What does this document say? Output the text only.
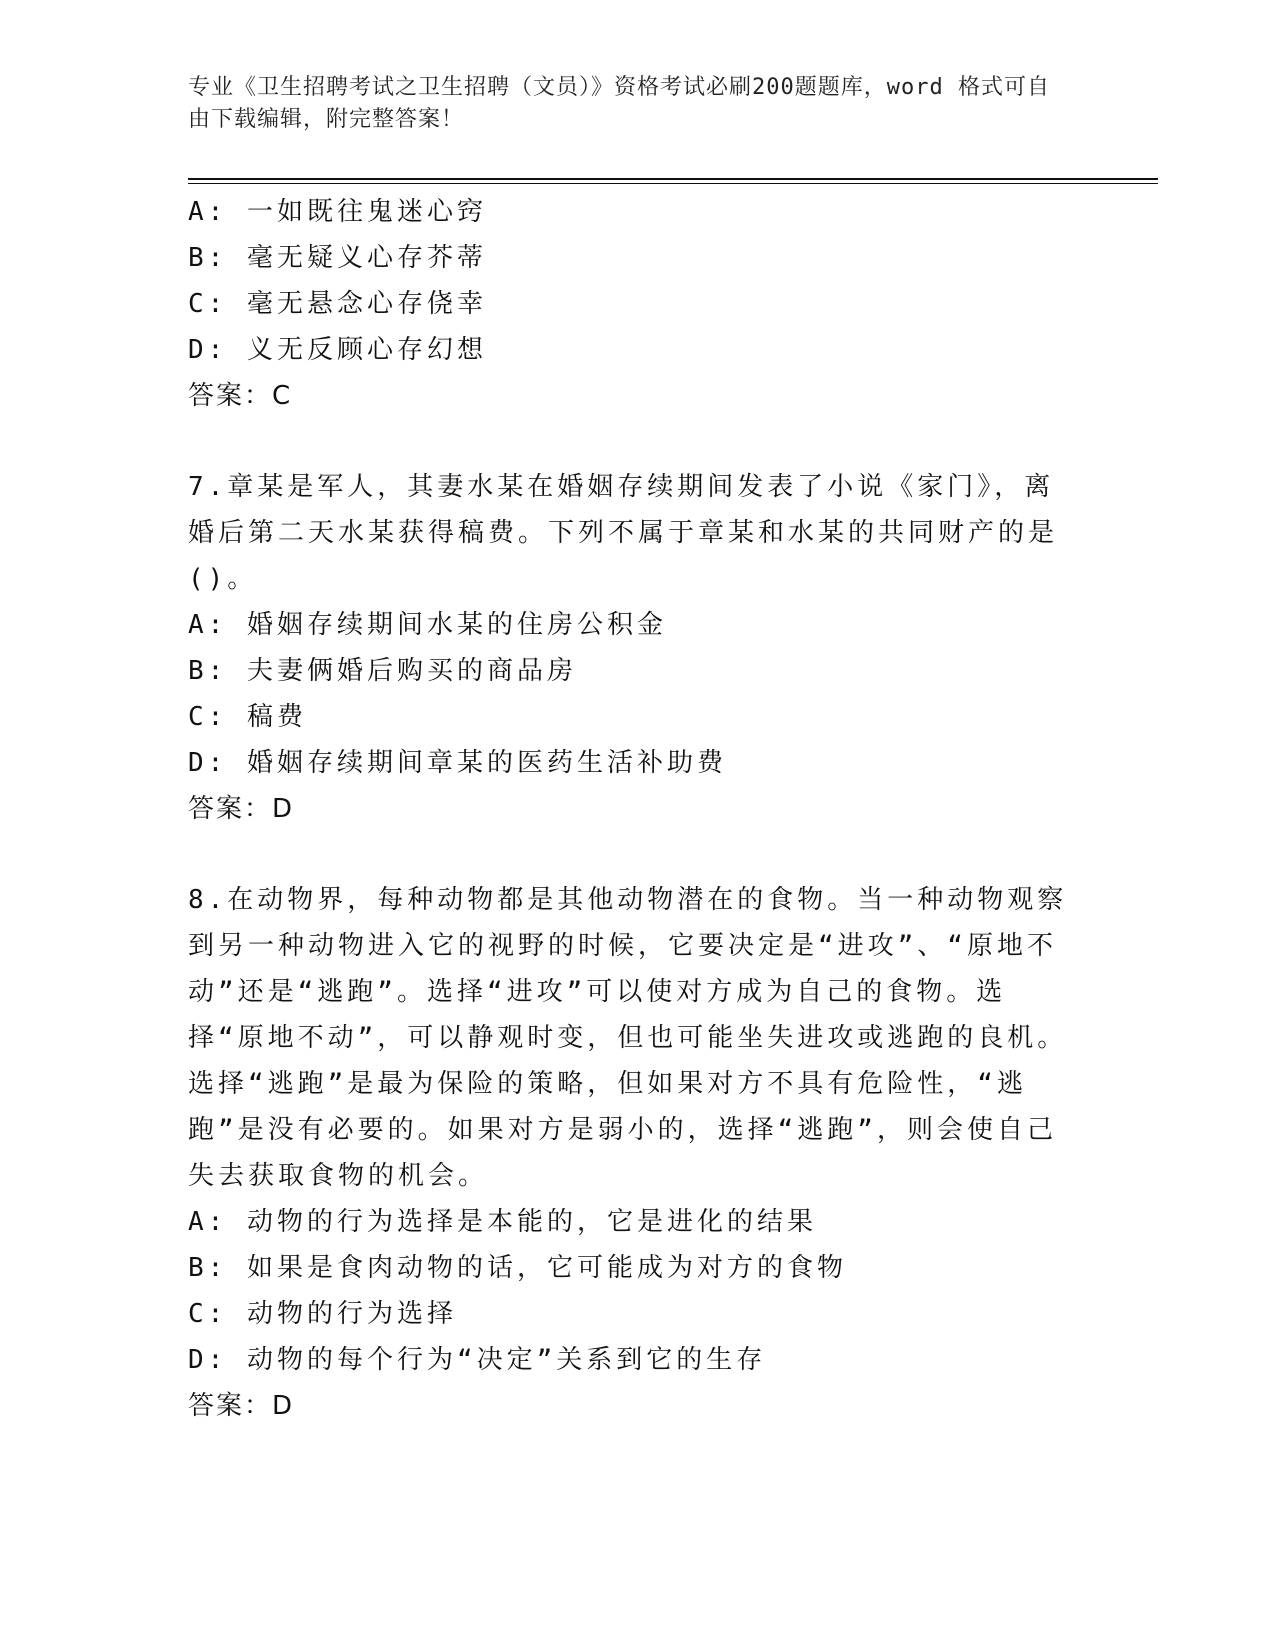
专业《卫生招聘考试之卫生招聘（文员）》资格考试必刷200题题库，word 格式可自由下载编辑，附完整答案！
A: 一如既往鬼迷心窍
B: 毫无疑义心存芥蒂
C: 毫无悬念心存侥幸
D: 义无反顾心存幻想
答案：C
7.章某是军人，其妻水某在婚姻存续期间发表了小说《家门》，离婚后第二天水某获得稿费。下列不属于章某和水某的共同财产的是()。
A: 婚姻存续期间水某的住房公积金
B: 夫妻俩婚后购买的商品房
C: 稿费
D: 婚姻存续期间章某的医药生活补助费
答案：D
8.在动物界，每种动物都是其他动物潜在的食物。当一种动物观察到另一种动物进入它的视野的时候，它要决定是“进攻”、“原地不动”还是“逃跑”。选择“进攻”可以使对方成为自己的食物。选择“原地不动”，可以静观时变，但也可能坐失进攻或逃跑的良机。选择“逃跑”是最为保险的策略，但如果对方不具有危险性，“逃跑”是没有必要的。如果对方是弱小的，选择“逃跑”，则会使自己失去获取食物的机会。
A: 动物的行为选择是本能的，它是进化的结果
B: 如果是食肉动物的话，它可能成为对方的食物
C: 动物的行为选择
D: 动物的每个行为“决定”关系到它的生存
答案：D
